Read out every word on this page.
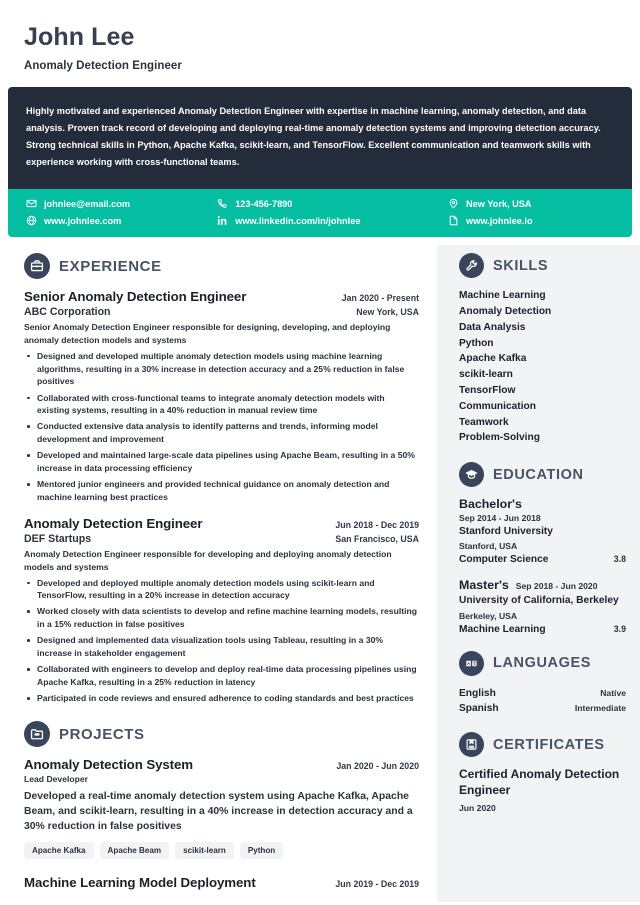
John Lee
Anomaly Detection Engineer
Highly motivated and experienced Anomaly Detection Engineer with expertise in machine learning, anomaly detection, and data analysis. Proven track record of developing and deploying real-time anomaly detection systems and improving detection accuracy. Strong technical skills in Python, Apache Kafka, scikit-learn, and TensorFlow. Excellent communication and teamwork skills with experience working with cross-functional teams.
johnlee@email.com	123-456-7890	New York, USA
www.johnlee.com	www.linkedin.com/in/johnlee	www.johnlee.io
EXPERIENCE
Senior Anomaly Detection Engineer	Jan 2020 - Present
ABC Corporation	New York, USA
Senior Anomaly Detection Engineer responsible for designing, developing, and deploying anomaly detection models and systems
Designed and developed multiple anomaly detection models using machine learning algorithms, resulting in a 30% increase in detection accuracy and a 25% reduction in false positives
Collaborated with cross-functional teams to integrate anomaly detection models with existing systems, resulting in a 40% reduction in manual review time
Conducted extensive data analysis to identify patterns and trends, informing model development and improvement
Developed and maintained large-scale data pipelines using Apache Beam, resulting in a 50% increase in data processing efficiency
Mentored junior engineers and provided technical guidance on anomaly detection and machine learning best practices
Anomaly Detection Engineer	Jun 2018 - Dec 2019
DEF Startups	San Francisco, USA
Anomaly Detection Engineer responsible for developing and deploying anomaly detection models and systems
Developed and deployed multiple anomaly detection models using scikit-learn and TensorFlow, resulting in a 20% increase in detection accuracy
Worked closely with data scientists to develop and refine machine learning models, resulting in a 15% reduction in false positives
Designed and implemented data visualization tools using Tableau, resulting in a 30% increase in stakeholder engagement
Collaborated with engineers to develop and deploy real-time data processing pipelines using Apache Kafka, resulting in a 25% reduction in latency
Participated in code reviews and ensured adherence to coding standards and best practices
PROJECTS
Anomaly Detection System	Jan 2020 - Jun 2020
Lead Developer
Developed a real-time anomaly detection system using Apache Kafka, Apache Beam, and scikit-learn, resulting in a 40% increase in detection accuracy and a 30% reduction in false positives
Apache Kafka	Apache Beam	scikit-learn	Python
Machine Learning Model Deployment	Jun 2019 - Dec 2019
SKILLS
Machine Learning
Anomaly Detection
Data Analysis
Python
Apache Kafka
scikit-learn
TensorFlow
Communication
Teamwork
Problem-Solving
EDUCATION
Bachelor's
Sep 2014 - Jun 2018
Stanford University
Stanford, USA
Computer Science	3.8
Master's Sep 2018 - Jun 2020
University of California, Berkeley
Berkeley, USA
Machine Learning	3.9
A 文 LANGUAGES
English	Native
Spanish	Intermediate
CERTIFICATES
Certified Anomaly Detection Engineer
Jun 2020
